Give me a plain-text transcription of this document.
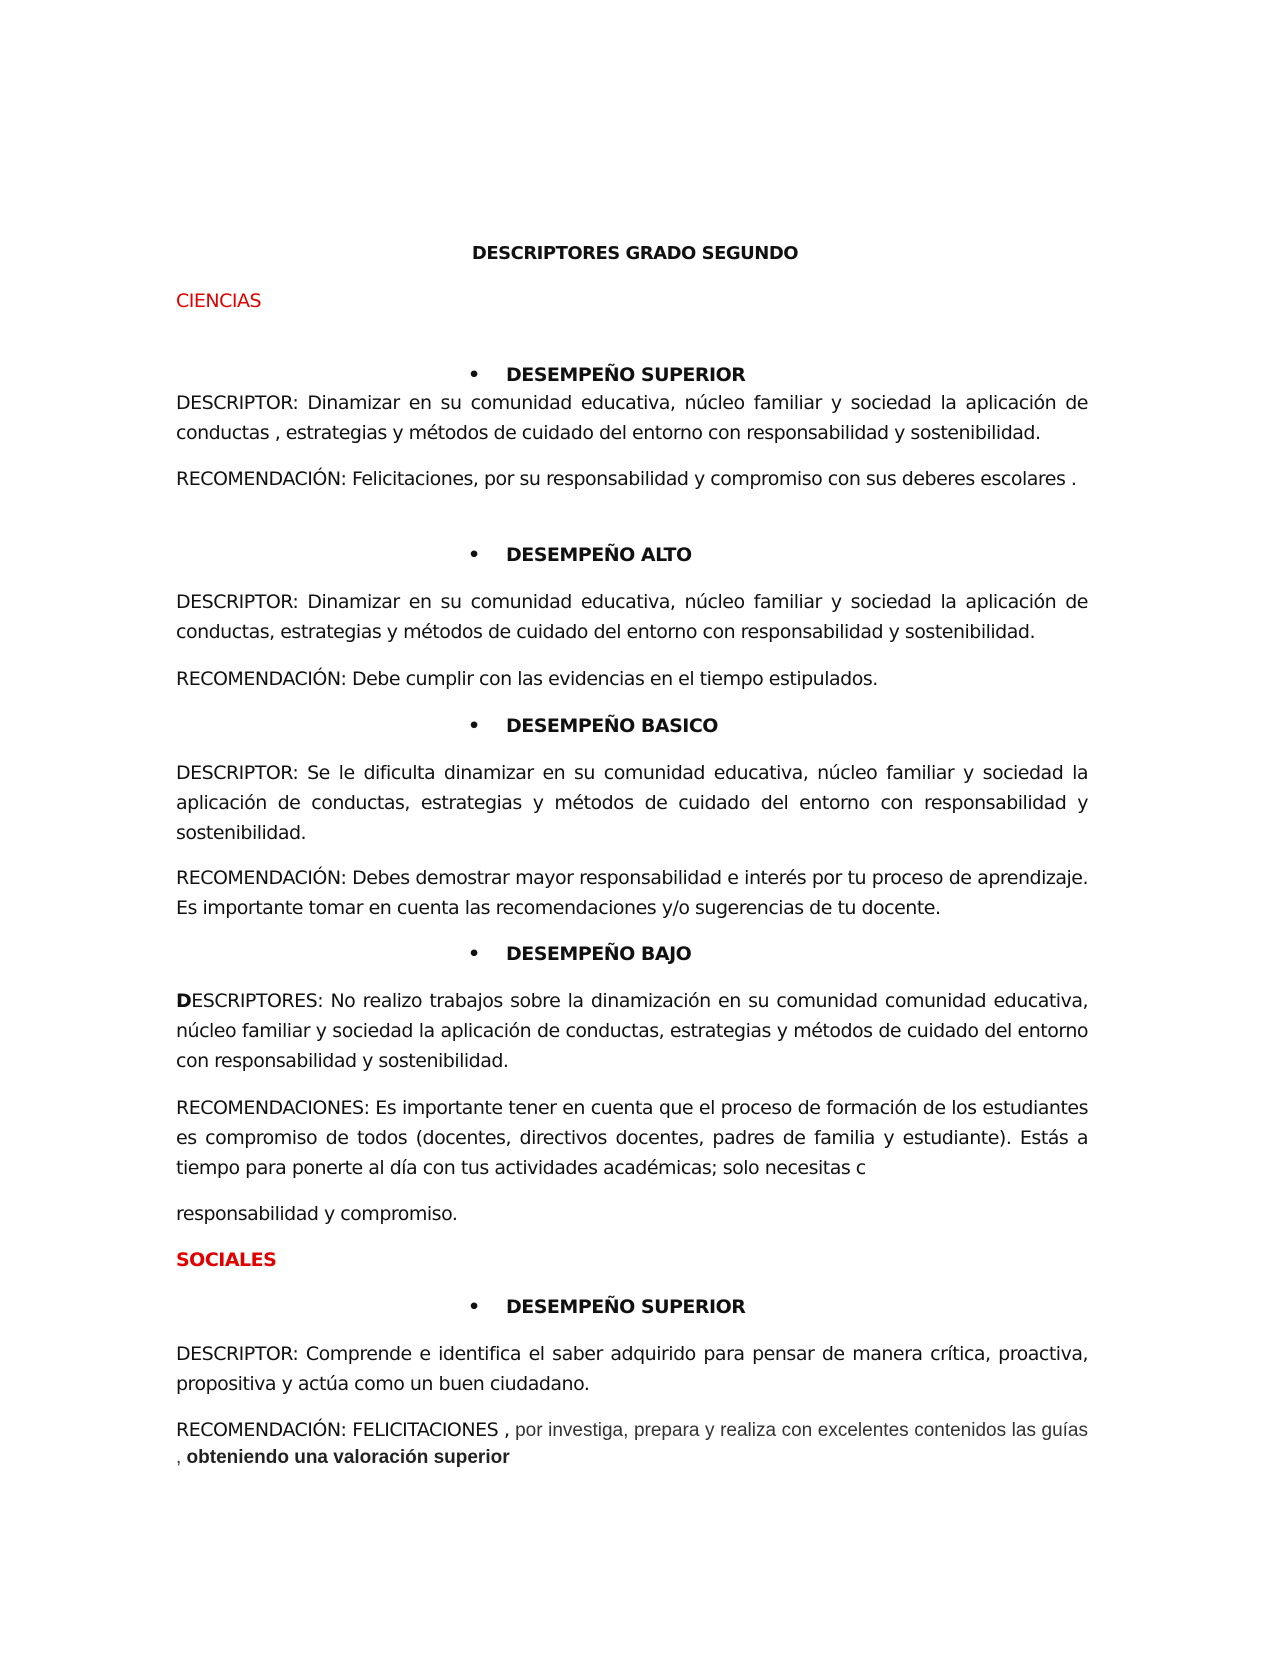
DESCRIPTORES GRADO SEGUNDO
CIENCIAS
• DESEMPEÑO SUPERIOR
DESCRIPTOR: Dinamizar en su comunidad educativa, núcleo familiar y sociedad la aplicación de conductas , estrategias y métodos de cuidado del entorno con responsabilidad y sostenibilidad.
RECOMENDACIÓN: Felicitaciones, por su responsabilidad y compromiso con sus deberes escolares .
• DESEMPEÑO ALTO
DESCRIPTOR: Dinamizar en su comunidad educativa, núcleo familiar y sociedad la aplicación de conductas, estrategias y métodos de cuidado del entorno con responsabilidad y sostenibilidad.
RECOMENDACIÓN: Debe cumplir con las evidencias en el tiempo estipulados.
• DESEMPEÑO BASICO
DESCRIPTOR: Se le dificulta dinamizar en su comunidad educativa, núcleo familiar y sociedad la aplicación de conductas, estrategias y métodos de cuidado del entorno con responsabilidad y sostenibilidad.
RECOMENDACIÓN: Debes demostrar mayor responsabilidad e interés por tu proceso de aprendizaje. Es importante tomar en cuenta las recomendaciones y/o sugerencias de tu docente.
• DESEMPEÑO BAJO
DESCRIPTORES: No realizo trabajos sobre la dinamización en su comunidad comunidad educativa, núcleo familiar y sociedad la aplicación de conductas, estrategias y métodos de cuidado del entorno con responsabilidad y sostenibilidad.
RECOMENDACIONES: Es importante tener en cuenta que el proceso de formación de los estudiantes es compromiso de todos (docentes, directivos docentes, padres de familia y estudiante). Estás a tiempo para ponerte al día con tus actividades académicas; solo necesitas c
responsabilidad y compromiso.
SOCIALES
• DESEMPEÑO SUPERIOR
DESCRIPTOR: Comprende e identifica el saber adquirido para pensar de manera crítica, proactiva, propositiva y actúa como un buen ciudadano.
RECOMENDACIÓN: FELICITACIONES , por investiga, prepara y realiza con excelentes contenidos las guías , obteniendo una valoración superior
